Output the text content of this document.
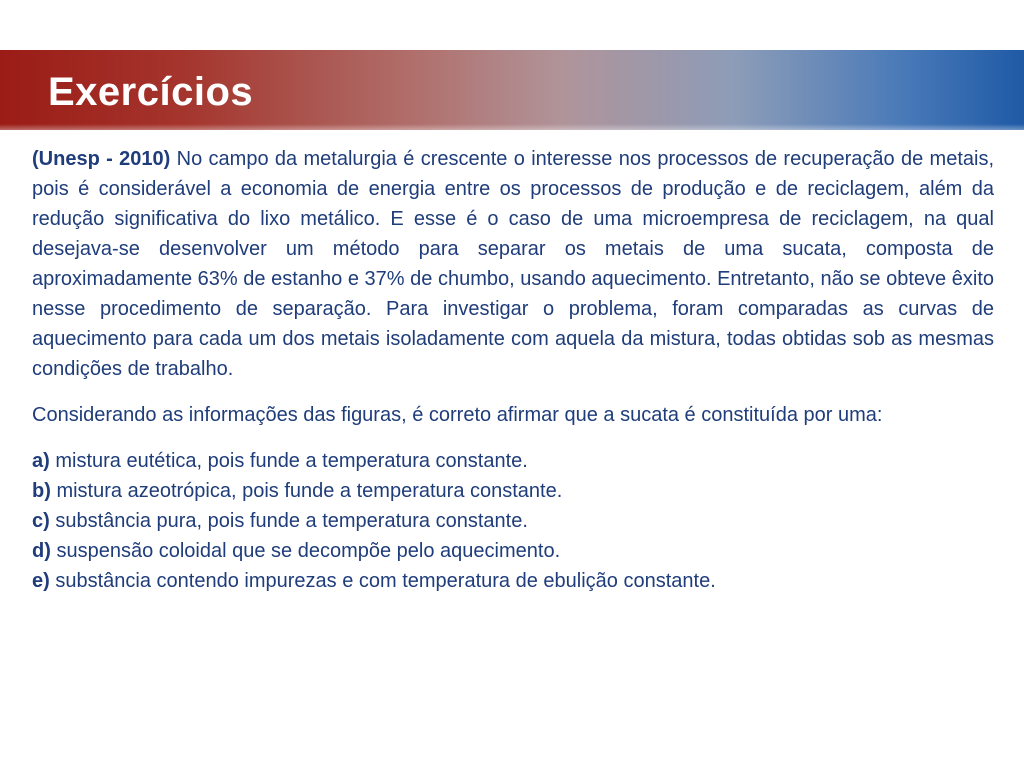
Exercícios

(Unesp - 2010) No campo da metalurgia é crescente o interesse nos processos de recuperação de metais, pois é considerável a economia de energia entre os processos de produção e de reciclagem, além da redução significativa do lixo metálico. E esse é o caso de uma microempresa de reciclagem, na qual desejava-se desenvolver um método para separar os metais de uma sucata, composta de aproximadamente 63% de estanho e 37% de chumbo, usando aquecimento. Entretanto, não se obteve êxito nesse procedimento de separação. Para investigar o problema, foram comparadas as curvas de aquecimento para cada um dos metais isoladamente com aquela da mistura, todas obtidas sob as mesmas condições de trabalho.

Considerando as informações das figuras, é correto afirmar que a sucata é constituída por uma:

a) mistura eutética, pois funde a temperatura constante.
b) mistura azeotrópica, pois funde a temperatura constante.
c) substância pura, pois funde a temperatura constante.
d) suspensão coloidal que se decompõe pelo aquecimento.
e) substância contendo impurezas e com temperatura de ebulição constante.
